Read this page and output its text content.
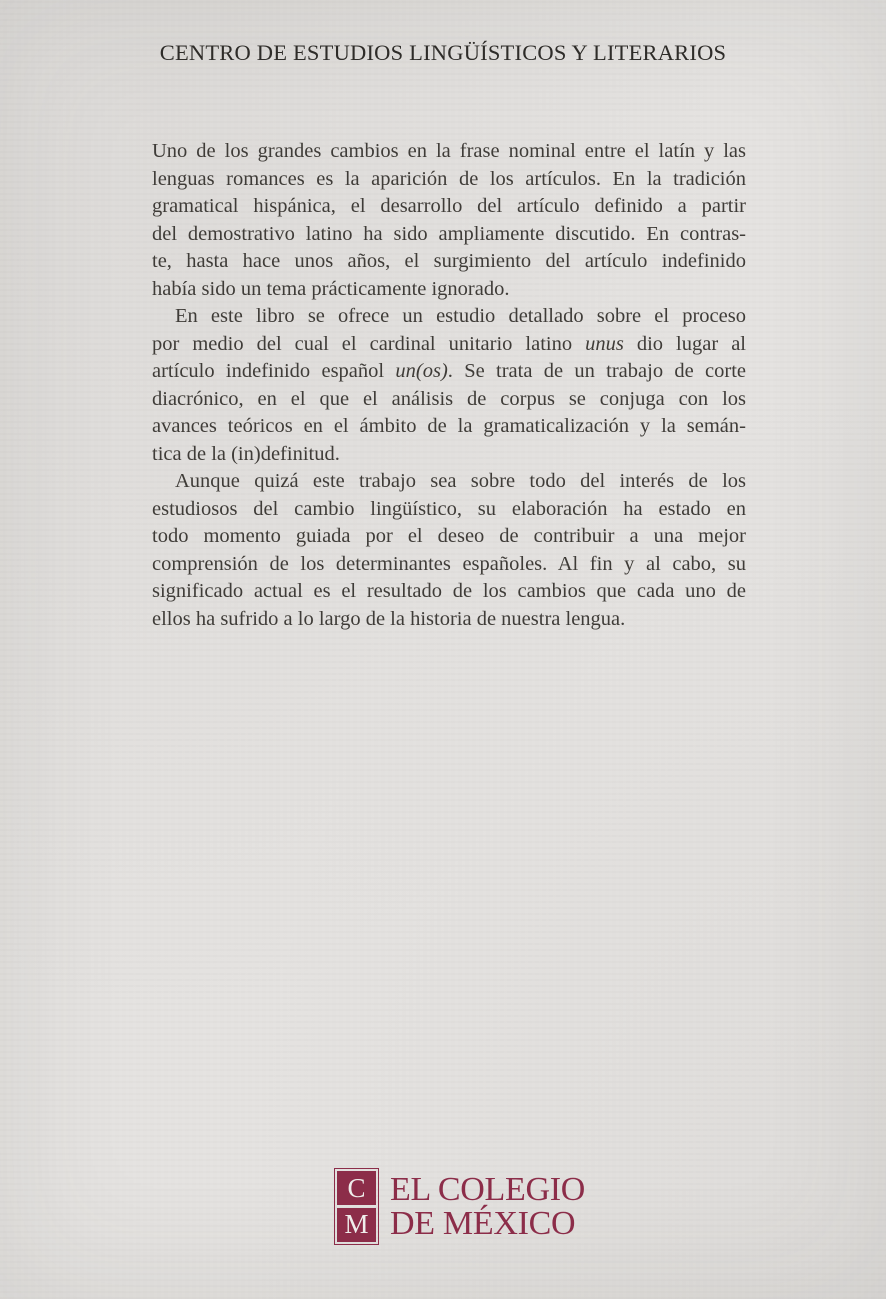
CENTRO DE ESTUDIOS LINGÜÍSTICOS Y LITERARIOS
Uno de los grandes cambios en la frase nominal entre el latín y las
lenguas romances es la aparición de los artículos. En la tradición
gramatical hispánica, el desarrollo del artículo definido a partir
del demostrativo latino ha sido ampliamente discutido. En contras-
te, hasta hace unos años, el surgimiento del artículo indefinido
había sido un tema prácticamente ignorado.
En este libro se ofrece un estudio detallado sobre el proceso
por medio del cual el cardinal unitario latino unus dio lugar al
artículo indefinido español un(os). Se trata de un trabajo de corte
diacrónico, en el que el análisis de corpus se conjuga con los
avances teóricos en el ámbito de la gramaticalización y la semán-
tica de la (in)definitud.
Aunque quizá este trabajo sea sobre todo del interés de los
estudiosos del cambio lingüístico, su elaboración ha estado en
todo momento guiada por el deseo de contribuir a una mejor
comprensión de los determinantes españoles. Al fin y al cabo, su
significado actual es el resultado de los cambios que cada uno de
ellos ha sufrido a lo largo de la historia de nuestra lengua.
C
M
EL COLEGIO
DE MÉXICO
